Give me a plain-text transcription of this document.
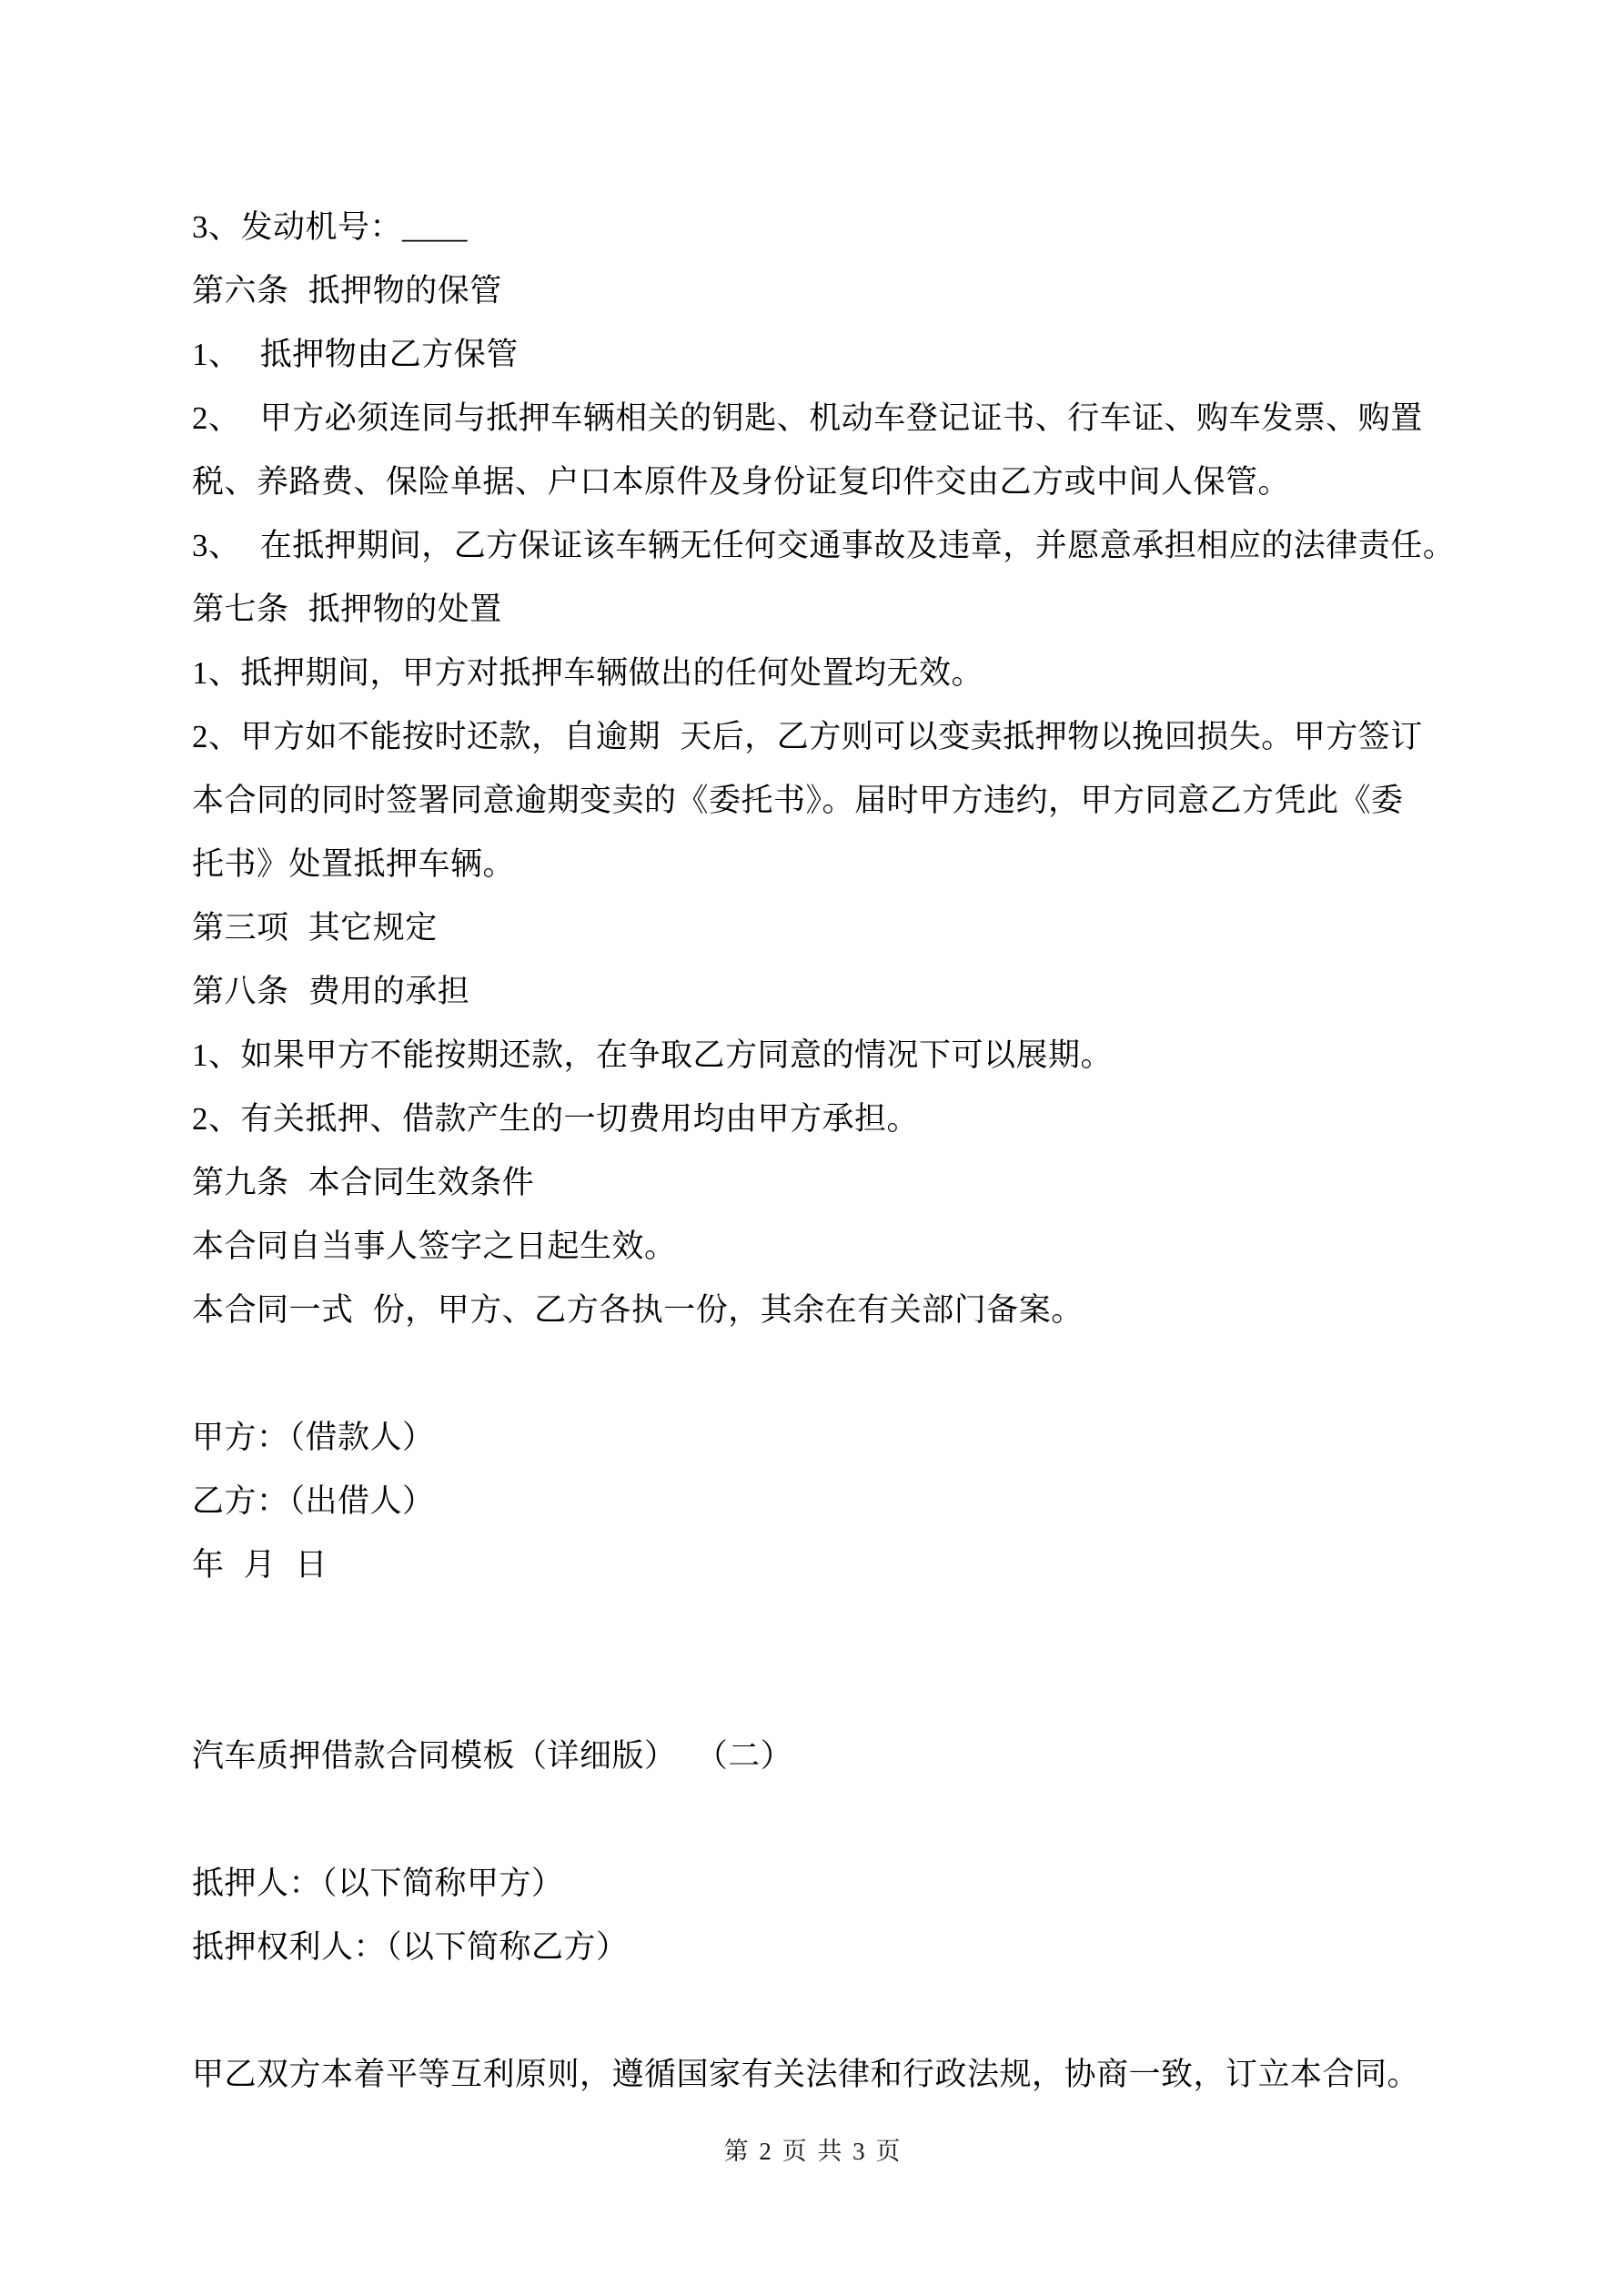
3、发动机号：____
第六条 抵押物的保管
1、 抵押物由乙方保管
2、 甲方必须连同与抵押车辆相关的钥匙、机动车登记证书、行车证、购车发票、购置
税、养路费、保险单据、户口本原件及身份证复印件交由乙方或中间人保管。
3、 在抵押期间，乙方保证该车辆无任何交通事故及违章，并愿意承担相应的法律责任。
第七条 抵押物的处置
1、抵押期间，甲方对抵押车辆做出的任何处置均无效。
2、甲方如不能按时还款，自逾期 天后，乙方则可以变卖抵押物以挽回损失。甲方签订
本合同的同时签署同意逾期变卖的《委托书》。届时甲方违约，甲方同意乙方凭此《委
托书》处置抵押车辆。
第三项 其它规定
第八条 费用的承担
1、如果甲方不能按期还款，在争取乙方同意的情况下可以展期。
2、有关抵押、借款产生的一切费用均由甲方承担。
第九条 本合同生效条件
本合同自当事人签字之日起生效。
本合同一式 份，甲方、乙方各执一份，其余在有关部门备案。
甲方：（借款人）
乙方：（出借人）
年 月 日
汽车质押借款合同模板（详细版） （二）
抵押人：（以下简称甲方）
抵押权利人：（以下简称乙方）
甲乙双方本着平等互利原则，遵循国家有关法律和行政法规，协商一致，订立本合同。
第 2 页 共 3 页
